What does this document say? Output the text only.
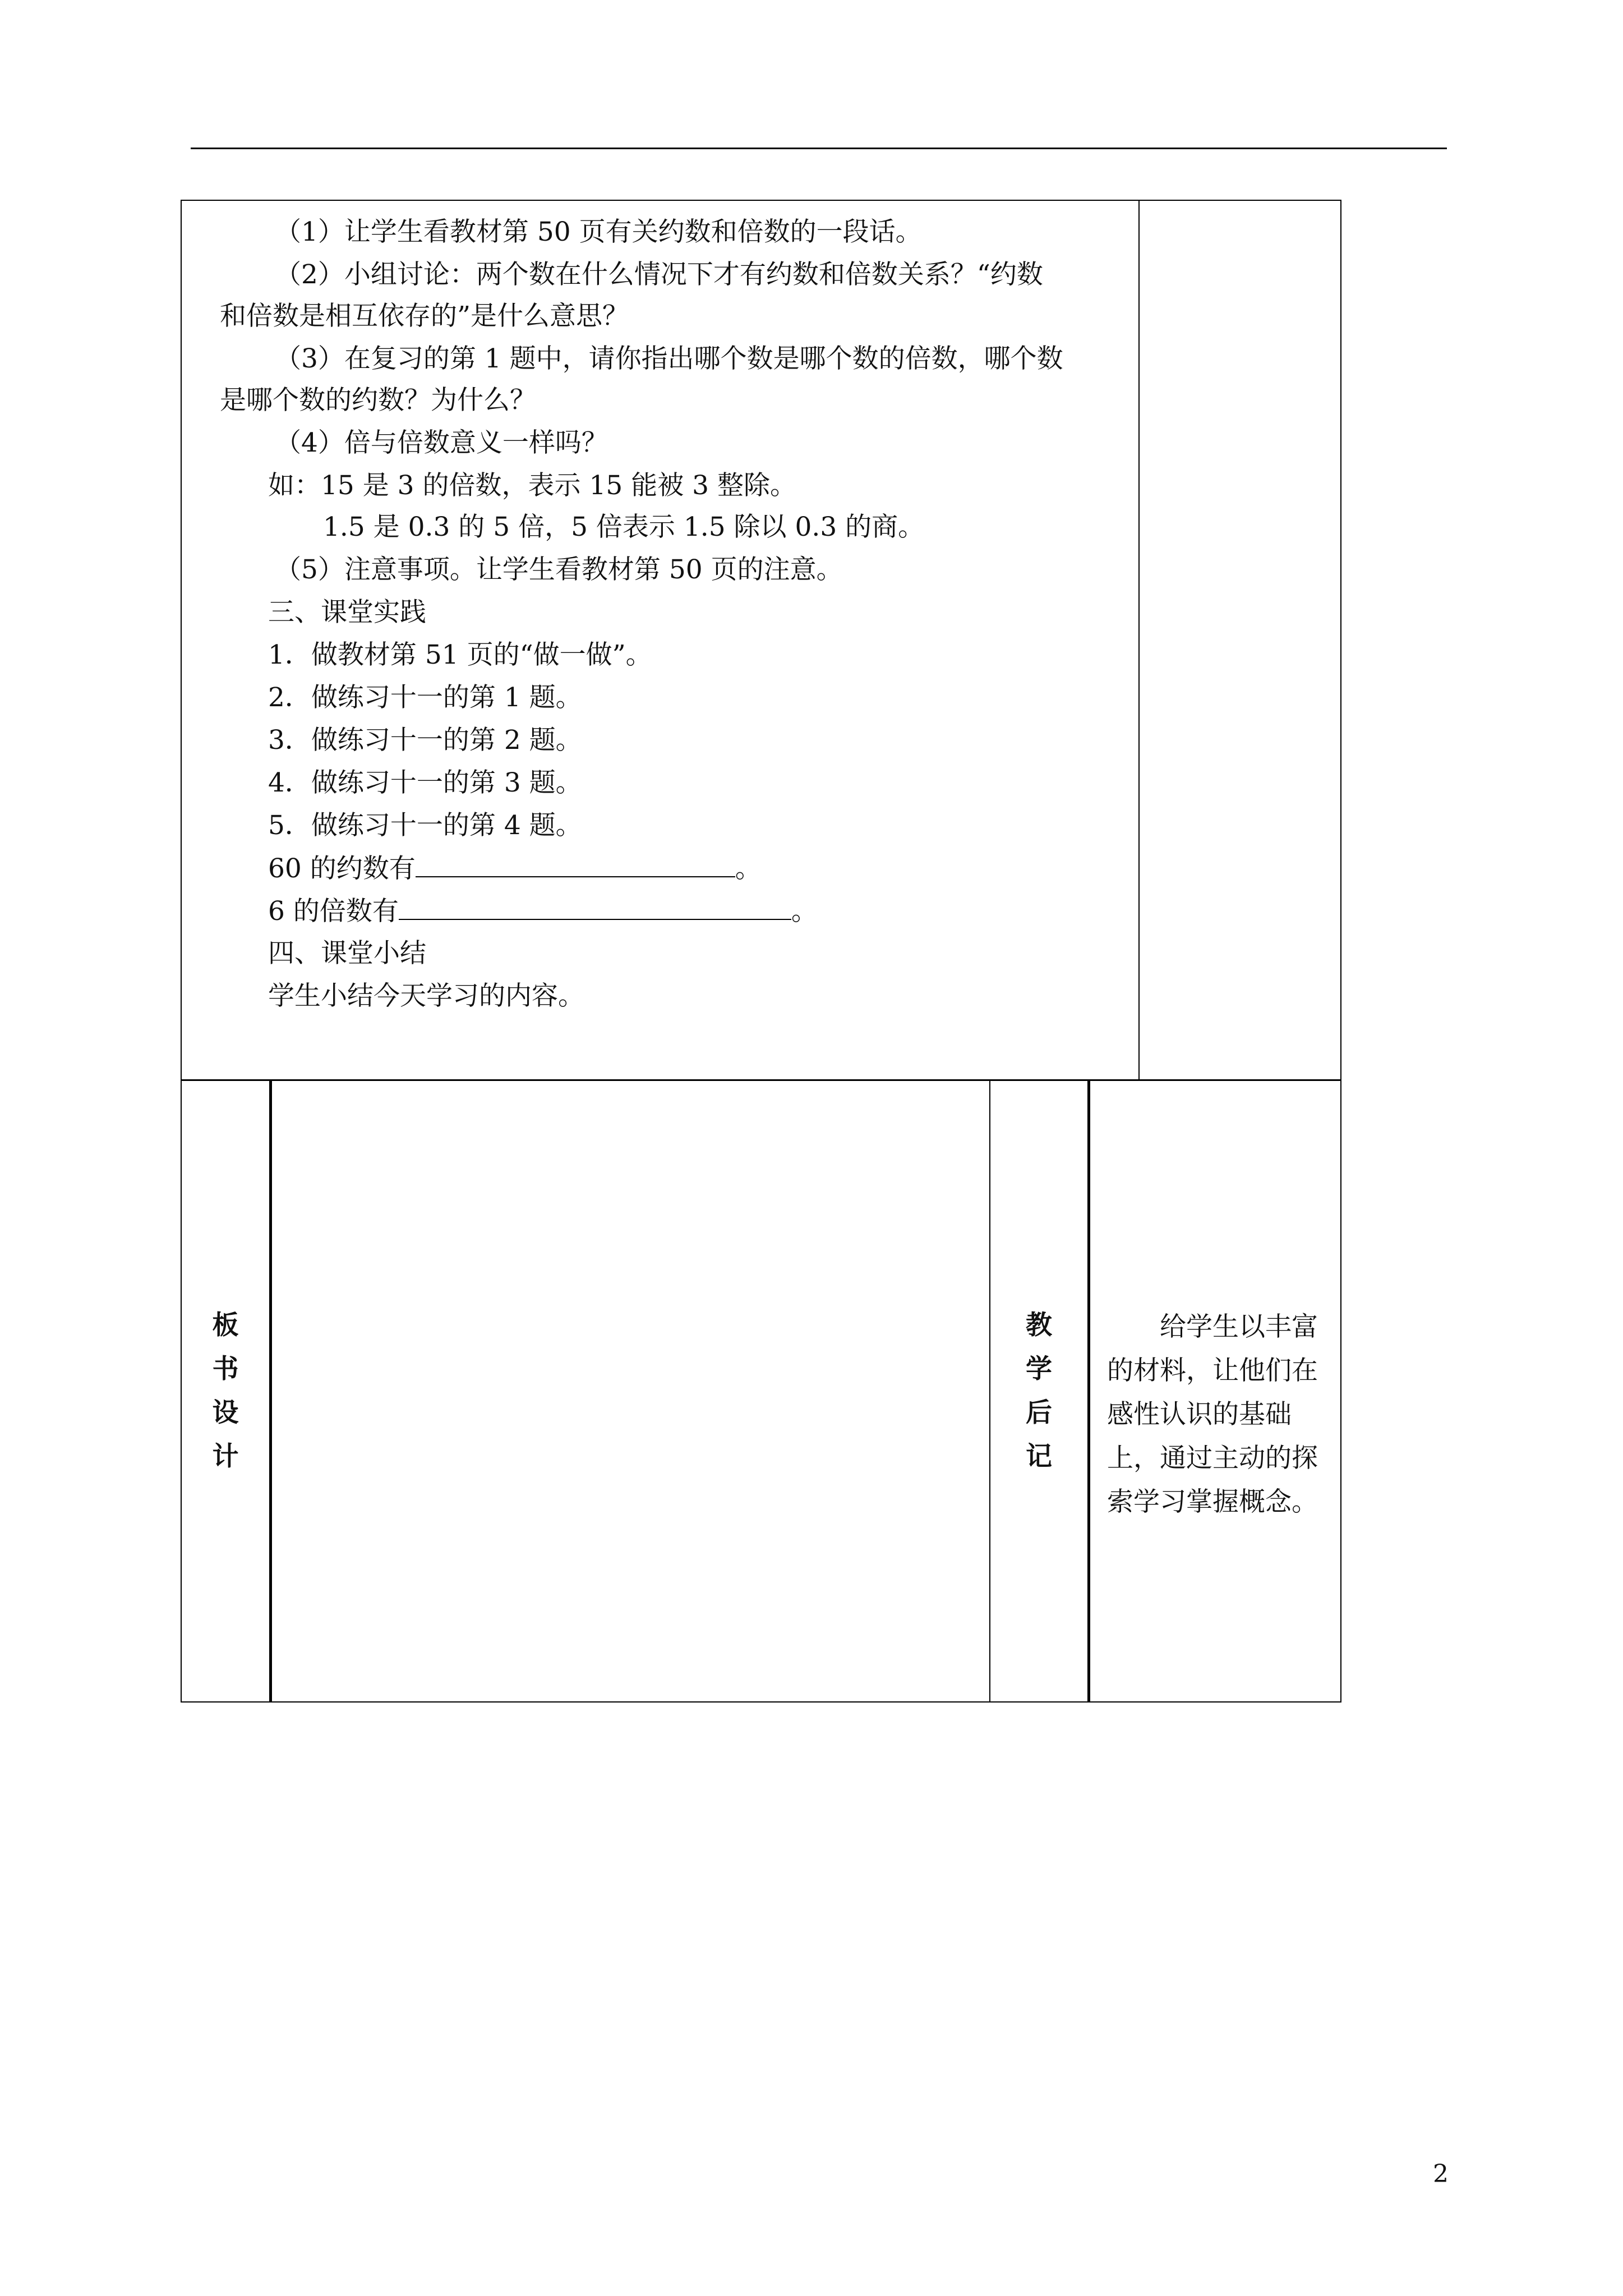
（1）让学生看教材第 50 页有关约数和倍数的一段话。
（2）小组讨论：两个数在什么情况下才有约数和倍数关系？“约数
和倍数是相互依存的”是什么意思？
（3）在复习的第 1 题中，请你指出哪个数是哪个数的倍数，哪个数
是哪个数的约数？为什么？
（4）倍与倍数意义一样吗？
如：15 是 3 的倍数，表示 15 能被 3 整除。
1.5 是 0.3 的 5 倍，5 倍表示 1.5 除以 0.3 的商。
（5）注意事项。让学生看教材第 50 页的注意。
三、课堂实践
1．做教材第 51 页的“做一做”。
2．做练习十一的第 1 题。
3．做练习十一的第 2 题。
4．做练习十一的第 3 题。
5．做练习十一的第 4 题。
60 的约数有	。
6 的倍数有	。
四、课堂小结
学生小结今天学习的内容。
板
书
设
计
教
学
后
记
给学生以丰富的材料，让他们在感性认识的基础上，通过主动的探索学习掌握概念。
2
